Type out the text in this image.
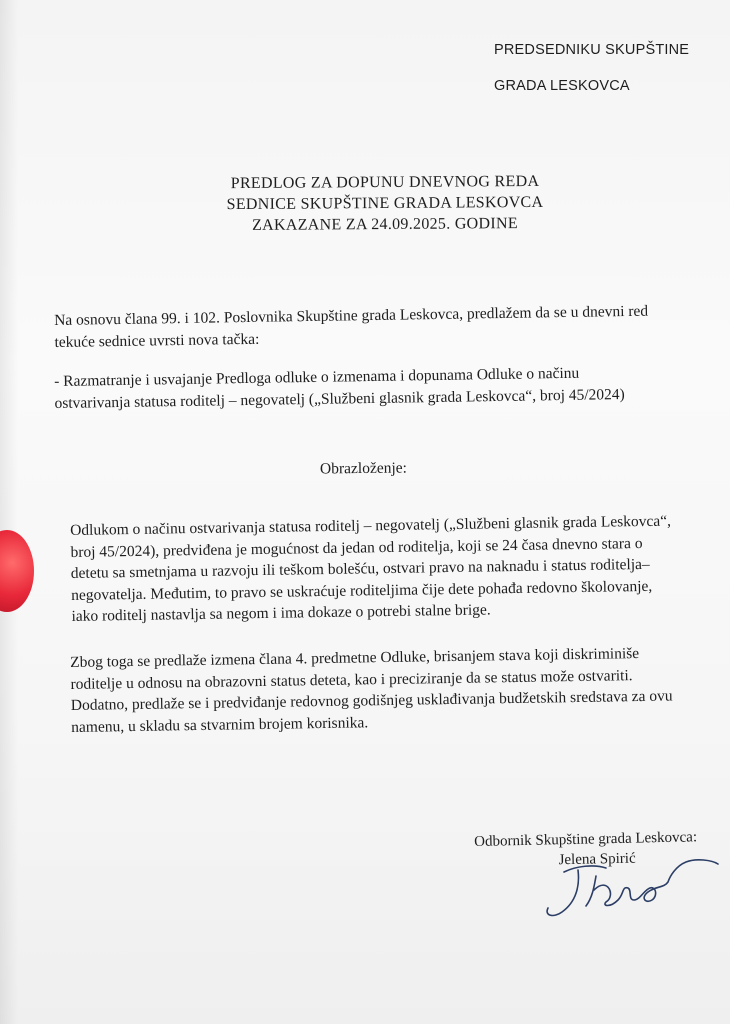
PREDSEDNIKU SKUPŠTINE
GRADA LESKOVCA
PREDLOG ZA DOPUNU DNEVNOG REDA
SEDNICE SKUPŠTINE GRADA LESKOVCA
ZAKAZANE ZA 24.09.2025. GODINE
Na osnovu člana 99. i 102. Poslovnika Skupštine grada Leskovca, predlažem da se u dnevni red
tekuće sednice uvrsti nova tačka:
- Razmatranje i usvajanje Predloga odluke o izmenama i dopunama Odluke o načinu
ostvarivanja statusa roditelj – negovatelj („Službeni glasnik grada Leskovca“, broj 45/2024)
Obrazloženje:
Odlukom o načinu ostvarivanja statusa roditelj – negovatelj („Službeni glasnik grada Leskovca“,
broj 45/2024), predviđena je mogućnost da jedan od roditelja, koji se 24 časa dnevno stara o
detetu sa smetnjama u razvoju ili teškom bolešću, ostvari pravo na naknadu i status roditelja–
negovatelja. Međutim, to pravo se uskraćuje roditeljima čije dete pohađa redovno školovanje,
iako roditelj nastavlja sa negom i ima dokaze o potrebi stalne brige.
Zbog toga se predlaže izmena člana 4. predmetne Odluke, brisanjem stava koji diskriminiše
roditelje u odnosu na obrazovni status deteta, kao i preciziranje da se status može ostvariti.
Dodatno, predlaže se i predviđanje redovnog godišnjeg usklađivanja budžetskih sredstava za ovu
namenu, u skladu sa stvarnim brojem korisnika.
Odbornik Skupštine grada Leskovca:
Jelena Spirić
